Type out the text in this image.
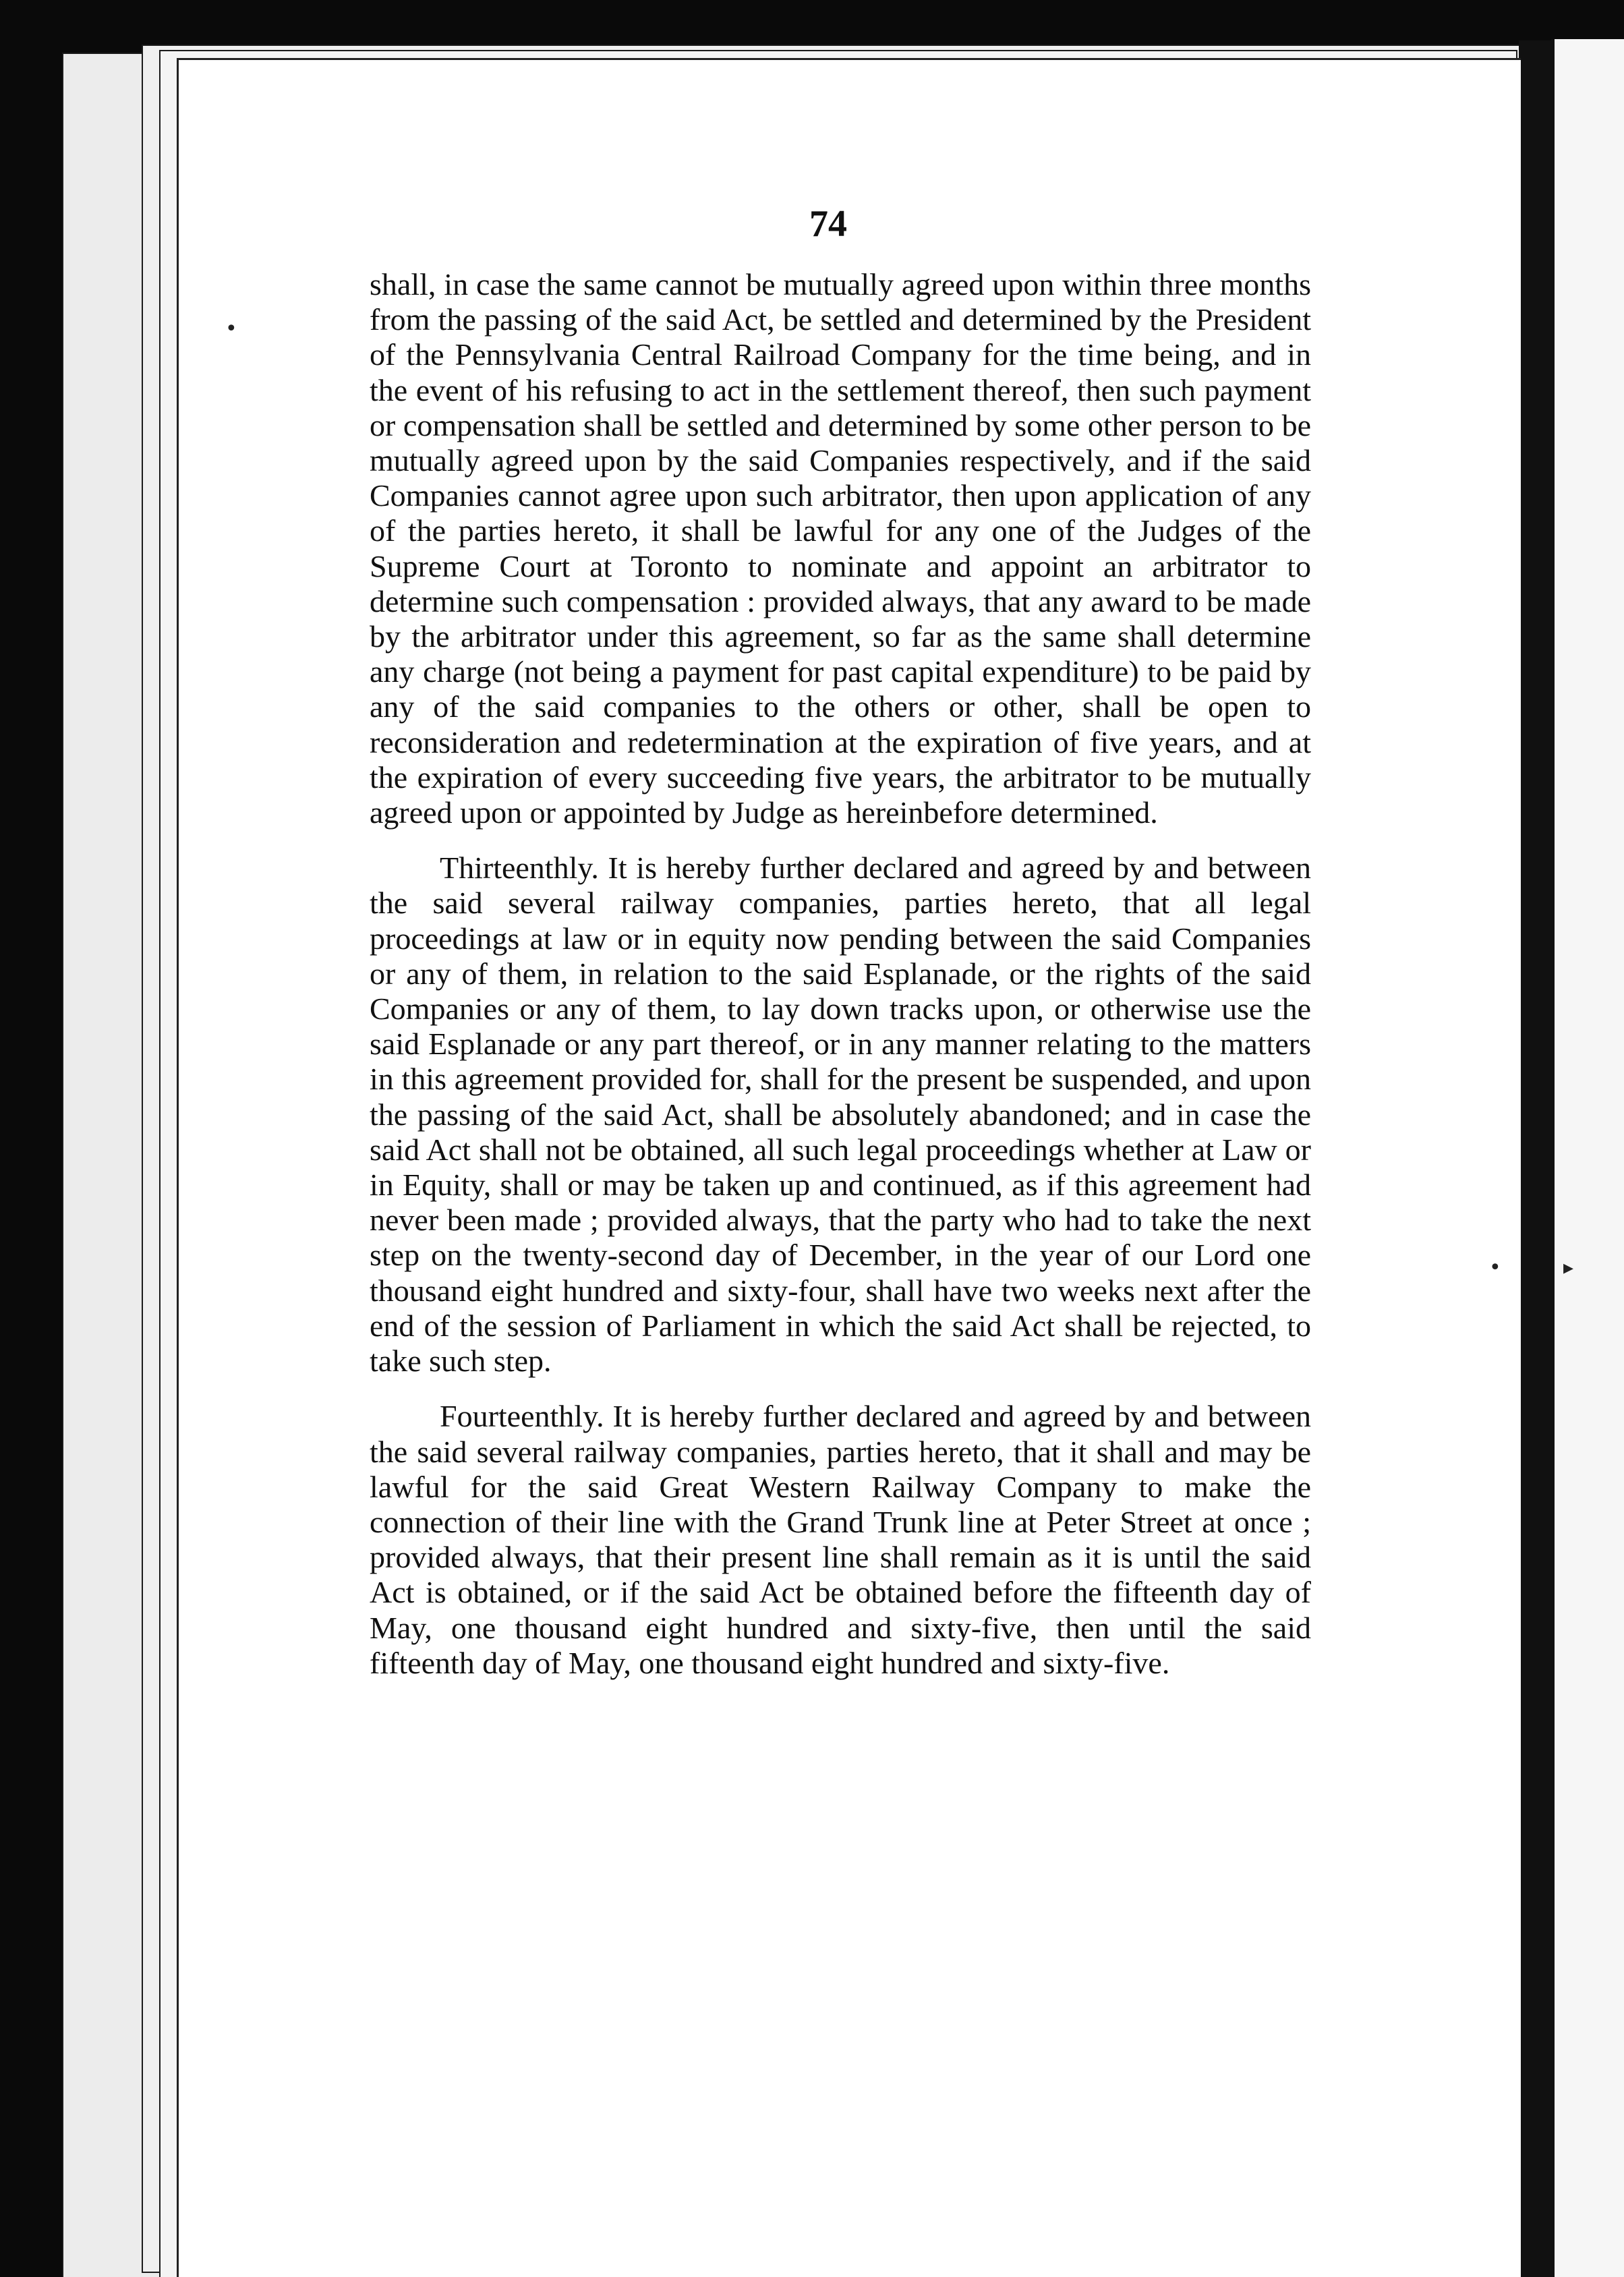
74

shall, in case the same cannot be mutually agreed upon within three months from the passing of the said Act, be settled and determined by the President of the Pennsylvania Central Railroad Company for the time being, and in the event of his refusing to act in the settlement thereof, then such payment or compensation shall be settled and determined by some other person to be mutually agreed upon by the said Companies respectively, and if the said Companies cannot agree upon such arbitrator, then upon application of any of the parties hereto, it shall be lawful for any one of the Judges of the Supreme Court at Toronto to nominate and appoint an arbitrator to determine such compensation : provided always, that any award to be made by the arbitrator under this agreement, so far as the same shall determine any charge (not being a payment for past capital expenditure) to be paid by any of the said companies to the others or other, shall be open to reconsideration and redetermination at the expiration of five years, and at the expiration of every succeeding five years, the arbitrator to be mutually agreed upon or appointed by Judge as hereinbefore determined.

Thirteenthly. It is hereby further declared and agreed by and between the said several railway companies, parties hereto, that all legal proceedings at law or in equity now pending between the said Companies or any of them, in relation to the said Esplanade, or the rights of the said Companies or any of them, to lay down tracks upon, or otherwise use the said Esplanade or any part thereof, or in any manner relating to the matters in this agreement provided for, shall for the present be suspended, and upon the passing of the said Act, shall be absolutely abandoned; and in case the said Act shall not be obtained, all such legal proceedings whether at Law or in Equity, shall or may be taken up and continued, as if this agreement had never been made ; provided always, that the party who had to take the next step on the twenty-second day of December, in the year of our Lord one thousand eight hundred and sixty-four, shall have two weeks next after the end of the session of Parliament in which the said Act shall be rejected, to take such step.

Fourteenthly. It is hereby further declared and agreed by and between the said several railway companies, parties hereto, that it shall and may be lawful for the said Great Western Railway Company to make the connection of their line with the Grand Trunk line at Peter Street at once ; provided always, that their present line shall remain as it is until the said Act is obtained, or if the said Act be obtained before the fifteenth day of May, one thousand eight hundred and sixty-five, then until the said fifteenth day of May, one thousand eight hundred and sixty-five.

•
•	▸
